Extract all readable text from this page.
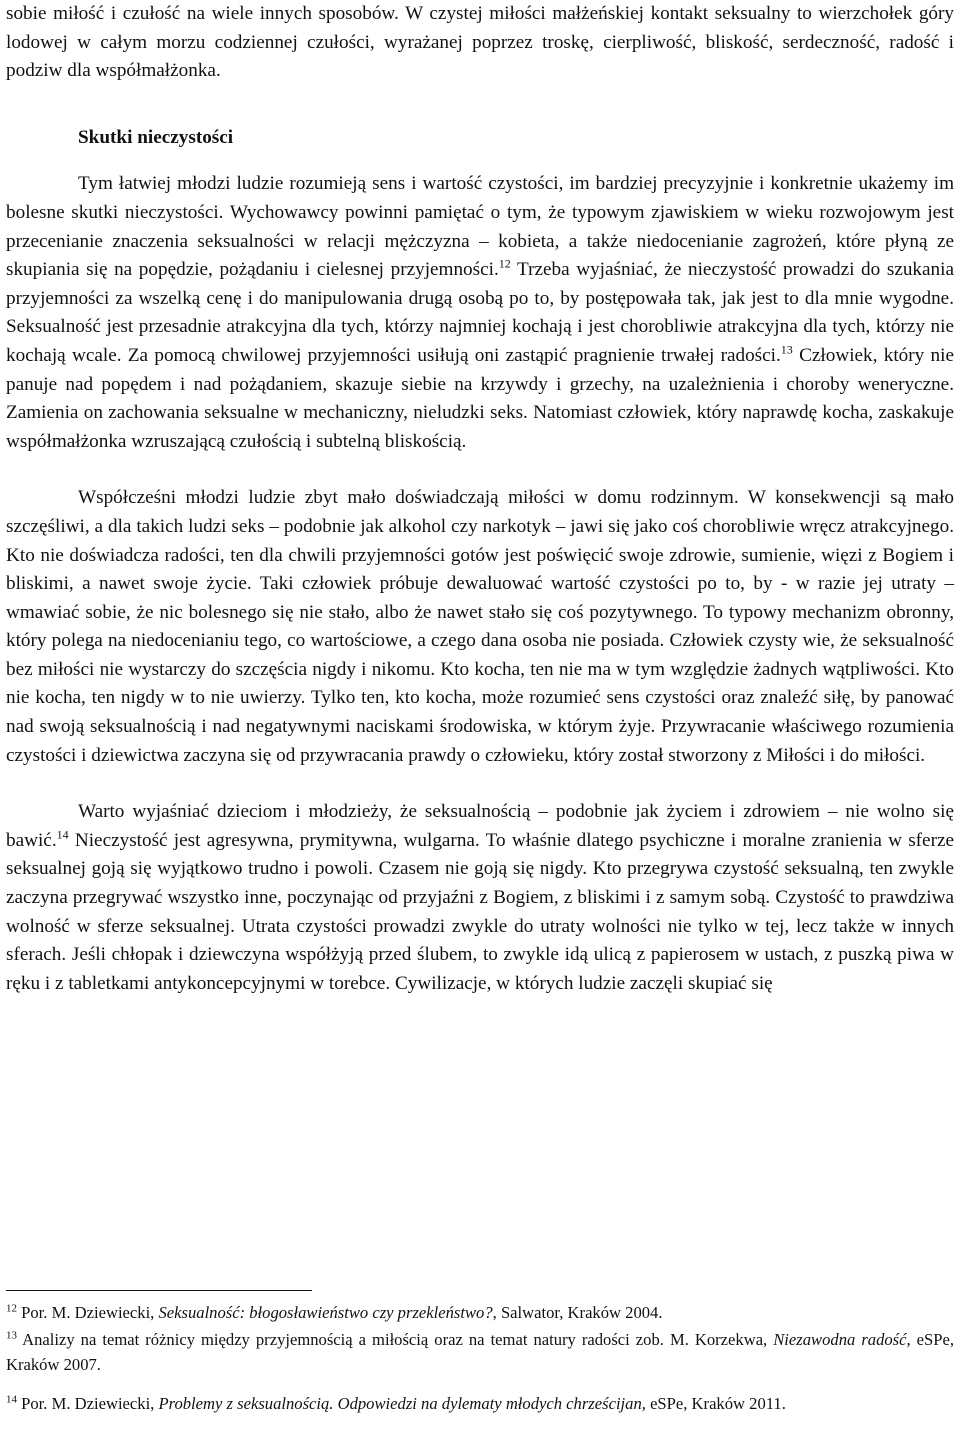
sobie miłość i czułość na wiele innych sposobów. W czystej miłości małżeńskiej kontakt seksualny to wierzchołek góry lodowej w całym morzu codziennej czułości, wyrażanej poprzez troskę, cierpliwość, bliskość, serdeczność, radość i podziw dla współmałżonka.

Skutki nieczystości

Tym łatwiej młodzi ludzie rozumieją sens i wartość czystości, im bardziej precyzyjnie i konkretnie ukażemy im bolesne skutki nieczystości. Wychowawcy powinni pamiętać o tym, że typowym zjawiskiem w wieku rozwojowym jest przecenianie znaczenia seksualności w relacji mężczyzna – kobieta, a także niedocenianie zagrożeń, które płyną ze skupiania się na popędzie, pożądaniu i cielesnej przyjemności.$^{12}$ Trzeba wyjaśniać, że nieczystość prowadzi do szukania przyjemności za wszelką cenę i do manipulowania drugą osobą po to, by postępowała tak, jak jest to dla mnie wygodne. Seksualność jest przesadnie atrakcyjna dla tych, którzy najmniej kochają i jest chorobliwie atrakcyjna dla tych, którzy nie kochają wcale. Za pomocą chwilowej przyjemności usiłują oni zastąpić pragnienie trwałej radości.$^{13}$ Człowiek, który nie panuje nad popędem i nad pożądaniem, skazuje siebie na krzywdy i grzechy, na uzależnienia i choroby weneryczne. Zamienia on zachowania seksualne w mechaniczny, nieludzki seks. Natomiast człowiek, który naprawdę kocha, zaskakuje współmałżonka wzruszającą czułością i subtelną bliskością.

Współcześni młodzi ludzie zbyt mało doświadczają miłości w domu rodzinnym. W konsekwencji są mało szczęśliwi, a dla takich ludzi seks – podobnie jak alkohol czy narkotyk – jawi się jako coś chorobliwie wręcz atrakcyjnego. Kto nie doświadcza radości, ten dla chwili przyjemności gotów jest poświęcić swoje zdrowie, sumienie, więzi z Bogiem i bliskimi, a nawet swoje życie. Taki człowiek próbuje dewaluować wartość czystości po to, by - w razie jej utraty – wmawiać sobie, że nic bolesnego się nie stało, albo że nawet stało się coś pozytywnego. To typowy mechanizm obronny, który polega na niedocenianiu tego, co wartościowe, a czego dana osoba nie posiada. Człowiek czysty wie, że seksualność bez miłości nie wystarczy do szczęścia nigdy i nikomu. Kto kocha, ten nie ma w tym względzie żadnych wątpliwości. Kto nie kocha, ten nigdy w to nie uwierzy. Tylko ten, kto kocha, może rozumieć sens czystości oraz znaleźć siłę, by panować nad swoją seksualnością i nad negatywnymi naciskami środowiska, w którym żyje. Przywracanie właściwego rozumienia czystości i dziewictwa zaczyna się od przywracania prawdy o człowieku, który został stworzony z Miłości i do miłości.

Warto wyjaśniać dzieciom i młodzieży, że seksualnością – podobnie jak życiem i zdrowiem – nie wolno się bawić.$^{14}$ Nieczystość jest agresywna, prymitywna, wulgarna. To właśnie dlatego psychiczne i moralne zranienia w sferze seksualnej goją się wyjątkowo trudno i powoli. Czasem nie goją się nigdy. Kto przegrywa czystość seksualną, ten zwykle zaczyna przegrywać wszystko inne, poczynając od przyjaźni z Bogiem, z bliskimi i z samym sobą. Czystość to prawdziwa wolność w sferze seksualnej. Utrata czystości prowadzi zwykle do utraty wolności nie tylko w tej, lecz także w innych sferach. Jeśli chłopak i dziewczyna współżyją przed ślubem, to zwykle idą ulicą z papierosem w ustach, z puszką piwa w ręku i z tabletkami antykoncepcyjnymi w torebce. Cywilizacje, w których ludzie zaczęli skupiać się

$^{12}$ Por. M. Dziewiecki, Seksualność: błogosławieństwo czy przekleństwo?, Salwator, Kraków 2004.

$^{13}$ Analizy na temat różnicy między przyjemnością a miłością oraz na temat natury radości zob. M. Korzekwa, Niezawodna radość, eSPe, Kraków 2007.

$^{14}$ Por. M. Dziewiecki, Problemy z seksualnością. Odpowiedzi na dylematy młodych chrześcijan, eSPe, Kraków 2011.
